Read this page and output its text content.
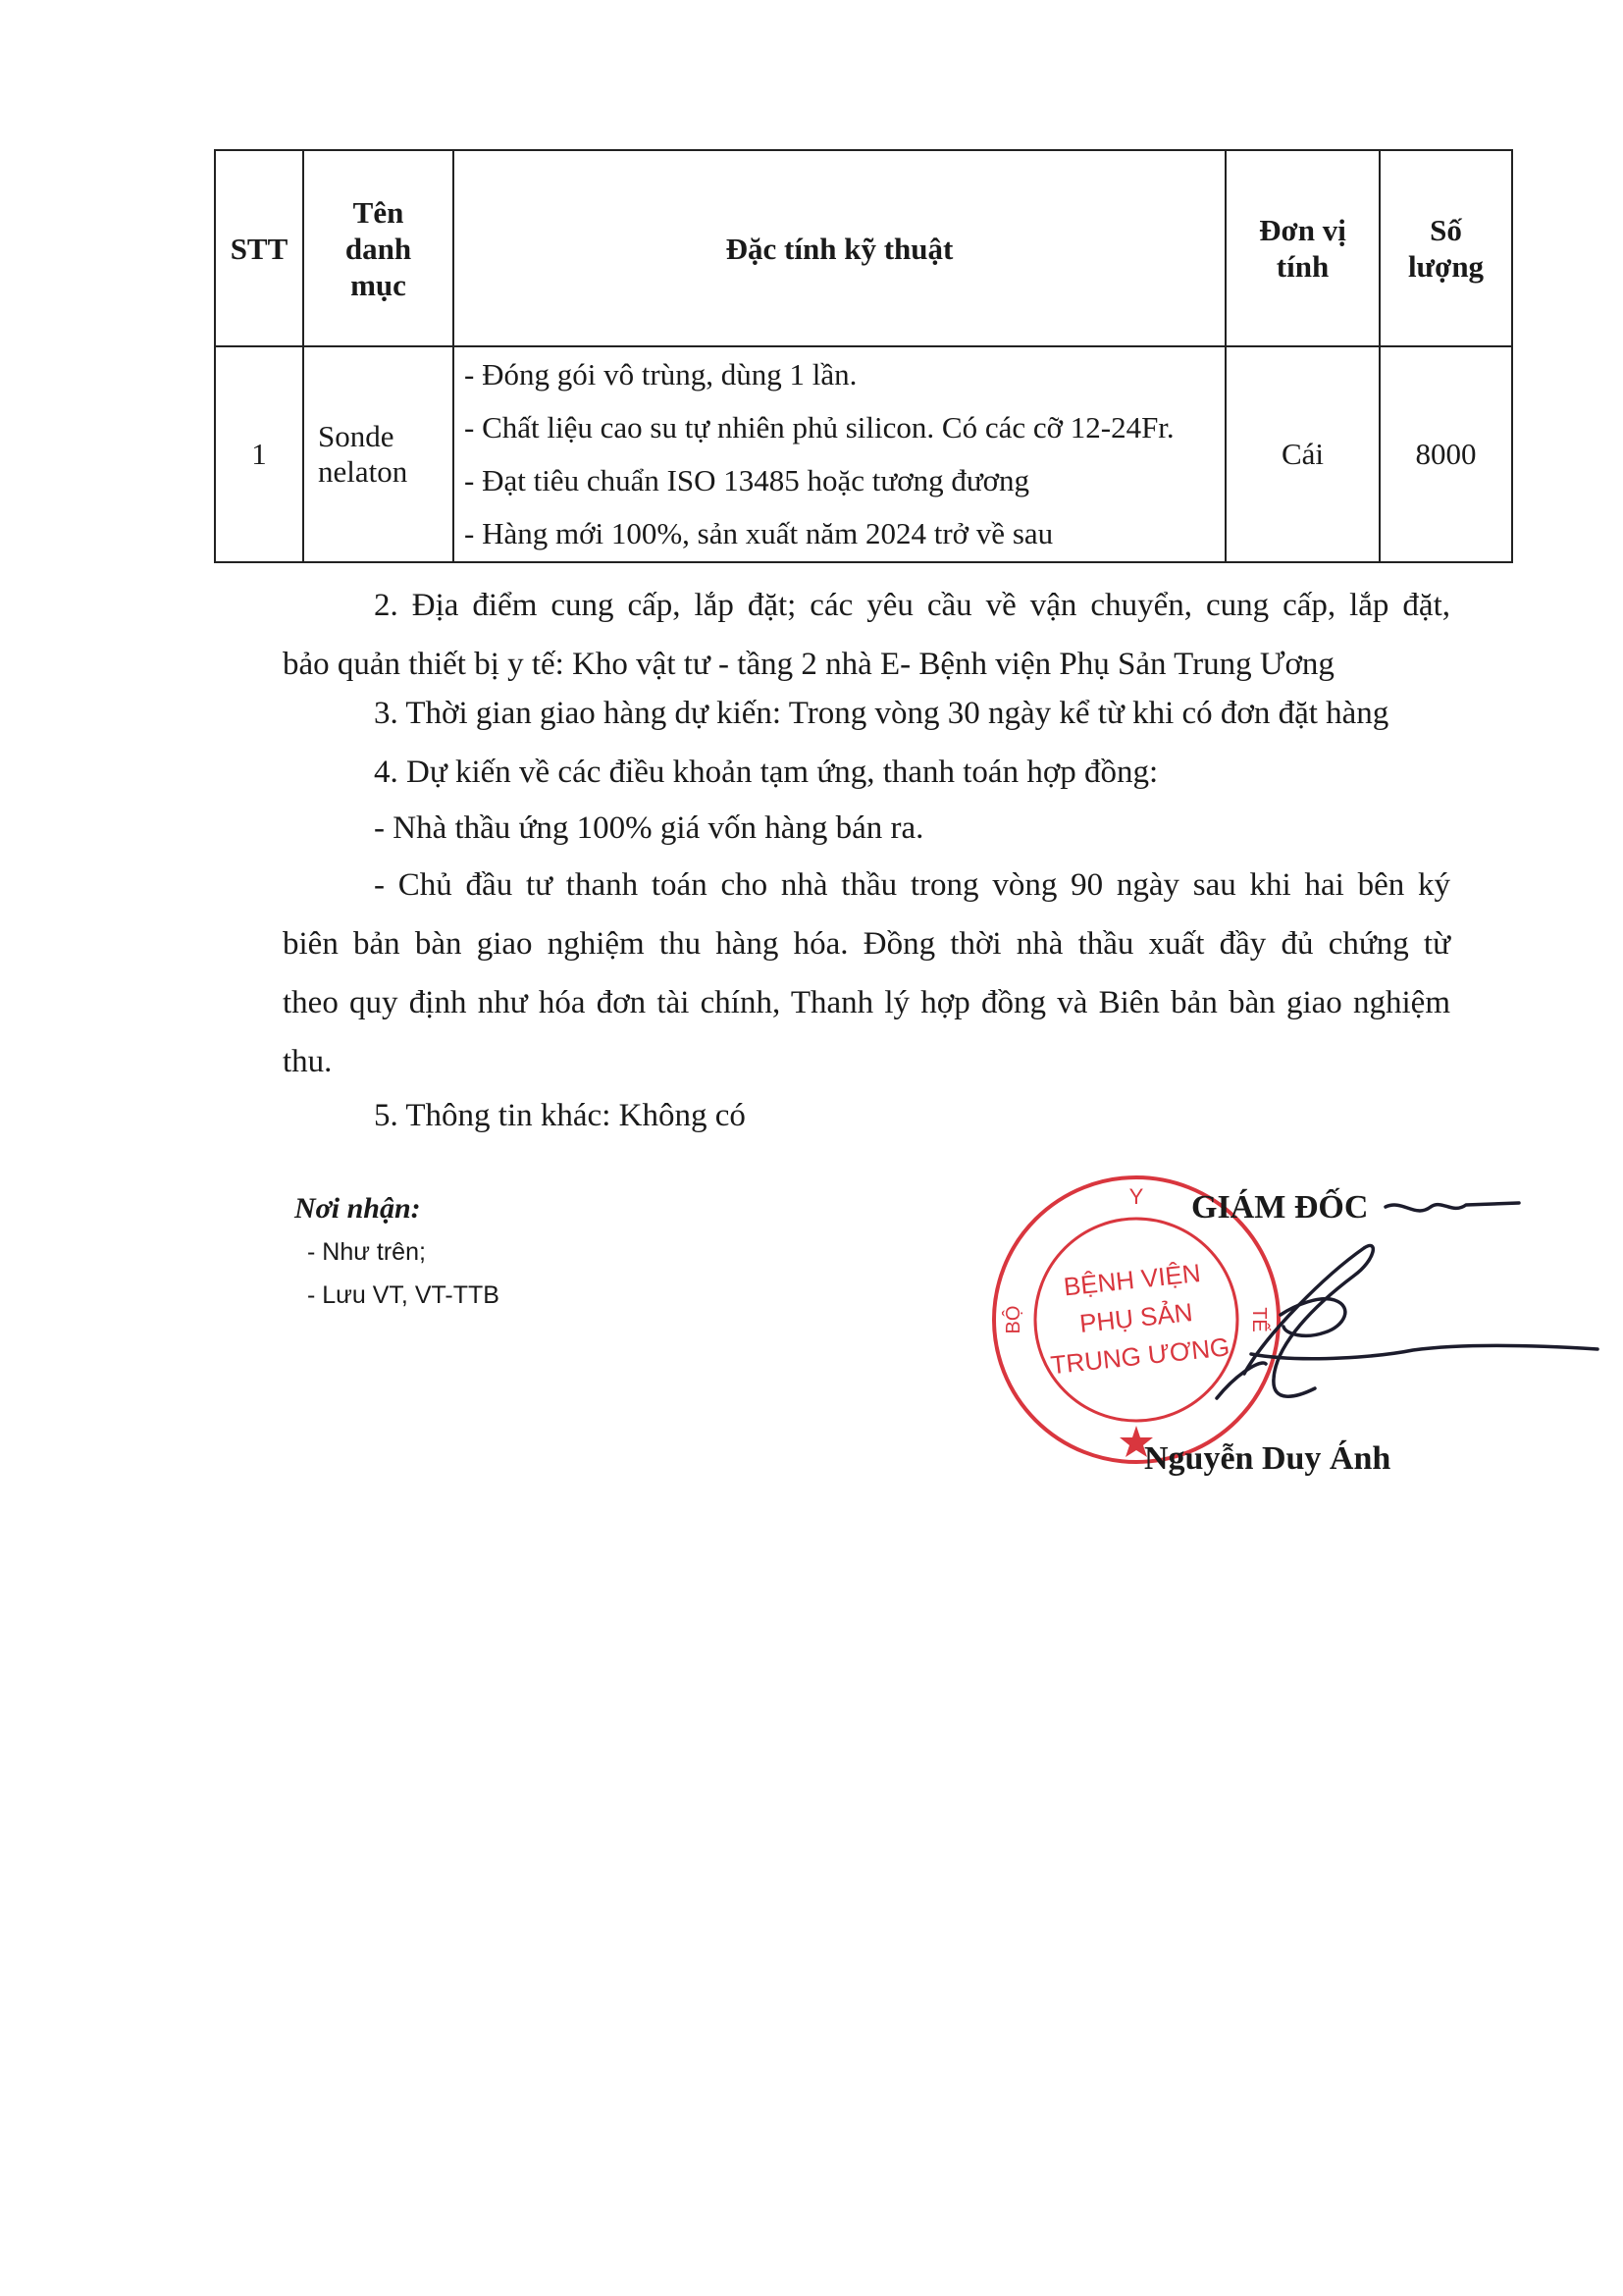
STT	Tên
danh
mục	Đặc tính kỹ thuật	Đơn vị
tính	Số
lượng
1	Sonde
nelaton	- Đóng gói vô trùng, dùng 1 lần.
- Chất liệu cao su tự nhiên phủ silicon. Có các cỡ 12-24Fr.
- Đạt tiêu chuẩn ISO 13485 hoặc tương đương
- Hàng mới 100%, sản xuất năm 2024 trở về sau	Cái	8000
2. Địa điểm cung cấp, lắp đặt; các yêu cầu về vận chuyển, cung cấp, lắp đặt,
bảo quản thiết bị y tế: Kho vật tư - tầng 2 nhà E- Bệnh viện Phụ Sản Trung Ương

3. Thời gian giao hàng dự kiến: Trong vòng 30 ngày kể từ khi có đơn đặt hàng

4. Dự kiến về các điều khoản tạm ứng, thanh toán hợp đồng:

- Nhà thầu ứng 100% giá vốn hàng bán ra.

- Chủ đầu tư thanh toán cho nhà thầu trong vòng 90 ngày sau khi hai bên ký
biên bản bàn giao nghiệm thu hàng hóa. Đồng thời nhà thầu xuất đầy đủ chứng từ
theo quy định như hóa đơn tài chính, Thanh lý hợp đồng và Biên bản bàn giao nghiệm
thu.

5. Thông tin khác: Không có

Nơi nhận:
- Như trên;
- Lưu VT, VT-TTB
Y
BỘ	TẾ
BỆNH VIỆN
PHỤ SẢN
TRUNG ƯƠNG
GIÁM ĐỐC
Nguyễn Duy Ánh
